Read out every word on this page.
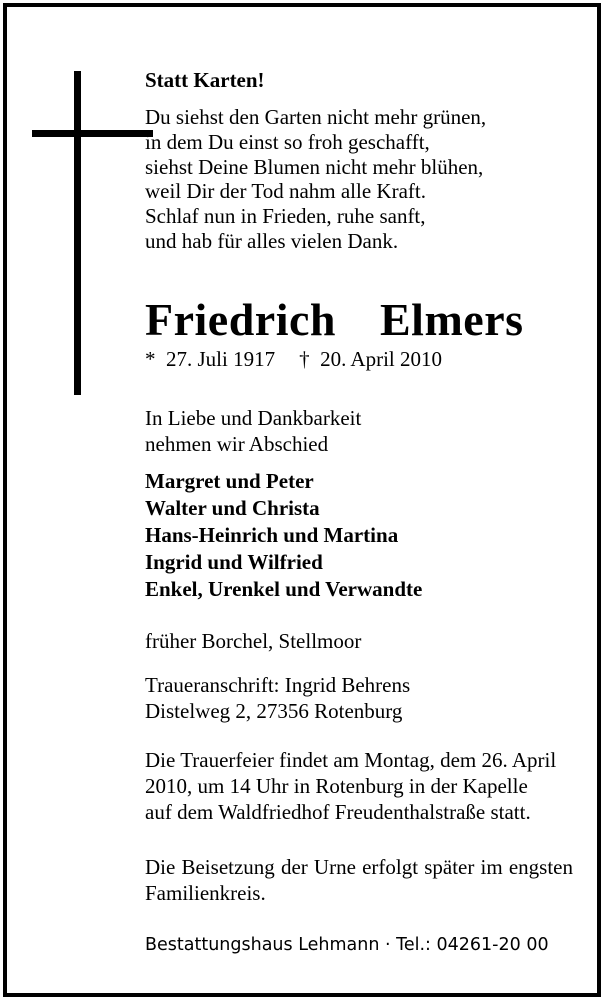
Statt Karten!

Du siehst den Garten nicht mehr grünen,
in dem Du einst so froh geschafft,
siehst Deine Blumen nicht mehr blühen,
weil Dir der Tod nahm alle Kraft.
Schlaf nun in Frieden, ruhe sanft,
und hab für alles vielen Dank.
Friedrich  Elmers
*  27. Juli 1917 †  20. April 2010
In Liebe und Dankbarkeit
nehmen wir Abschied
Margret und Peter
Walter und Christa
Hans-Heinrich und Martina
Ingrid und Wilfried
Enkel, Urenkel und Verwandte

früher Borchel, Stellmoor

Traueranschrift: Ingrid Behrens
Distelweg 2, 27356 Rotenburg
Die Trauerfeier findet am Montag, dem 26. April
2010, um 14 Uhr in Rotenburg in der Kapelle
auf dem Waldfriedhof Freudenthalstraße statt.

Die Beisetzung der Urne erfolgt später im engsten Familienkreis.

Bestattungshaus Lehmann · Tel.: 04261-20 00
